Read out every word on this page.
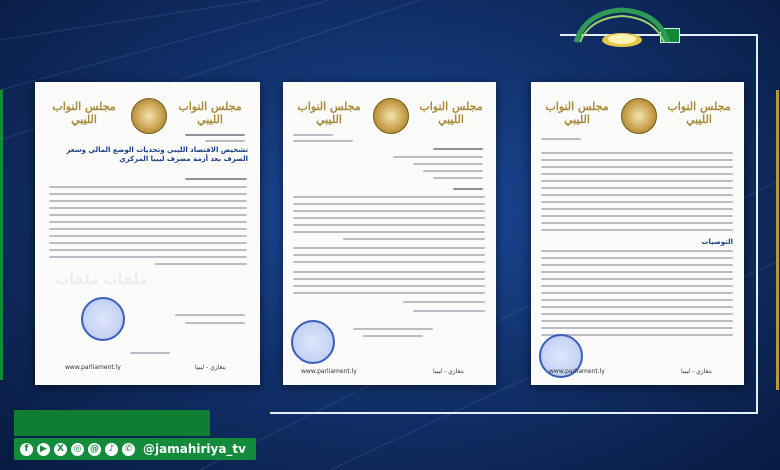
مجلس النواب الليبي
مجلس النواب الليبي
تشخيص الاقتصاد الليبي وتحديات الوضع المالي وسعر الصرف بعد أزمة مصرف ليبيا المركزي
ملفات ملفات
www.parliament.ly	بنغازي - ليبيا
مجلس النواب الليبي
مجلس النواب الليبي
www.parliament.ly	بنغازي - ليبيا
مجلس النواب الليبي
مجلس النواب الليبي
التوصيات
www.parliament.ly	بنغازي - ليبيا
f	▶	X	◎ @	♪	✆ @jamahiriya_tv
